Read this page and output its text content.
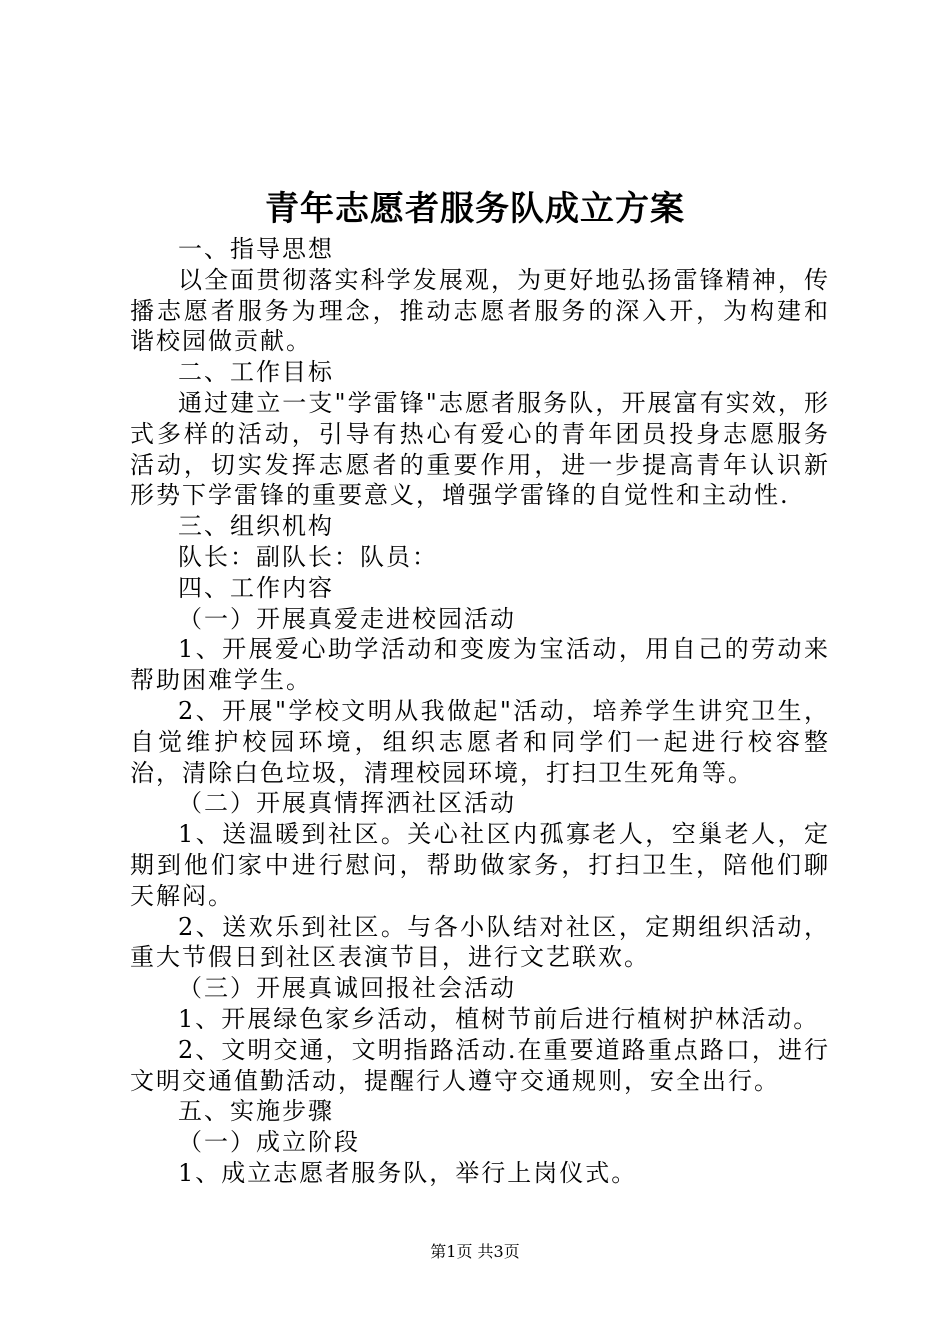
青年志愿者服务队成立方案

一、指导思想

以全面贯彻落实科学发展观，为更好地弘扬雷锋精神，传播志愿者服务为理念，推动志愿者服务的深入开，为构建和谐校园做贡献。

二、工作目标

通过建立一支"学雷锋"志愿者服务队，开展富有实效，形式多样的活动，引导有热心有爱心的青年团员投身志愿服务活动，切实发挥志愿者的重要作用，进一步提高青年认识新形势下学雷锋的重要意义，增强学雷锋的自觉性和主动性.

三、组织机构

队长：副队长：队员：

四、工作内容

（一）开展真爱走进校园活动

1、开展爱心助学活动和变废为宝活动，用自己的劳动来帮助困难学生。

2、开展"学校文明从我做起"活动，培养学生讲究卫生，自觉维护校园环境，组织志愿者和同学们一起进行校容整治，清除白色垃圾，清理校园环境，打扫卫生死角等。

（二）开展真情挥洒社区活动

1、送温暖到社区。关心社区内孤寡老人，空巢老人，定期到他们家中进行慰问，帮助做家务，打扫卫生，陪他们聊天解闷。

2、送欢乐到社区。与各小队结对社区，定期组织活动，重大节假日到社区表演节目，进行文艺联欢。

（三）开展真诚回报社会活动

1、开展绿色家乡活动，植树节前后进行植树护林活动。

2、文明交通，文明指路活动.在重要道路重点路口，进行文明交通值勤活动，提醒行人遵守交通规则，安全出行。

五、实施步骤

（一）成立阶段

1、成立志愿者服务队，举行上岗仪式。

第1页 共3页
